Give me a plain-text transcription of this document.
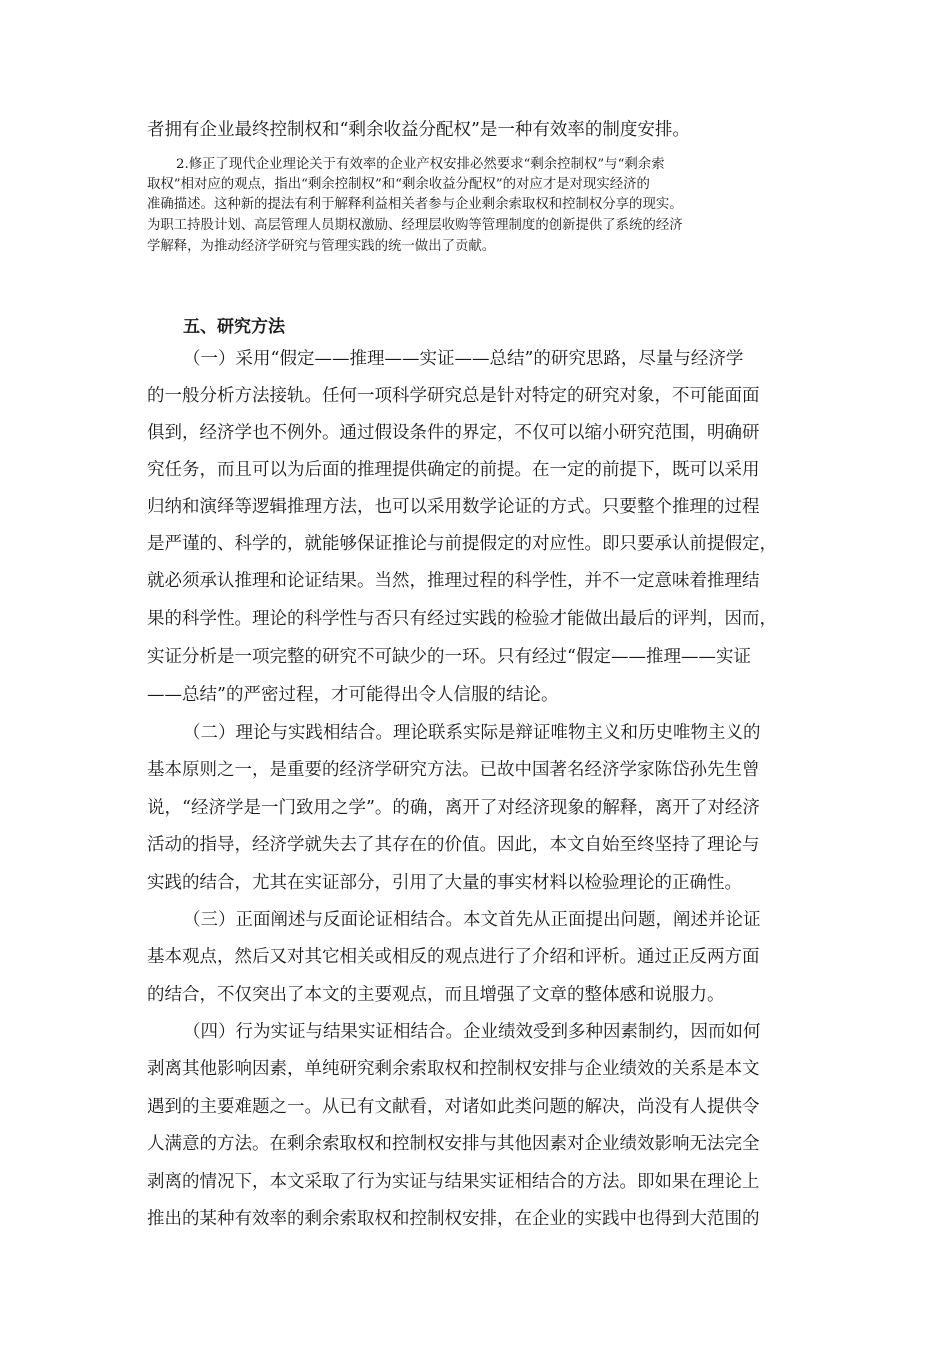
者拥有企业最终控制权和“剩余收益分配权”是一种有效率的制度安排。
2.修正了现代企业理论关于有效率的企业产权安排必然要求“剩余控制权”与“剩余索
取权”相对应的观点，指出“剩余控制权”和“剩余收益分配权”的对应才是对现实经济的
准确描述。这种新的提法有利于解释利益相关者参与企业剩余索取权和控制权分享的现实。
为职工持股计划、高层管理人员期权激励、经理层收购等管理制度的创新提供了系统的经济
学解释，为推动经济学研究与管理实践的统一做出了贡献。
五、研究方法
（一）采用“假定——推理——实证——总结”的研究思路，尽量与经济学
的一般分析方法接轨。任何一项科学研究总是针对特定的研究对象，不可能面面
俱到，经济学也不例外。通过假设条件的界定，不仅可以缩小研究范围，明确研
究任务，而且可以为后面的推理提供确定的前提。在一定的前提下，既可以采用
归纳和演绎等逻辑推理方法，也可以采用数学论证的方式。只要整个推理的过程
是严谨的、科学的，就能够保证推论与前提假定的对应性。即只要承认前提假定，
就必须承认推理和论证结果。当然，推理过程的科学性，并不一定意味着推理结
果的科学性。理论的科学性与否只有经过实践的检验才能做出最后的评判，因而，
实证分析是一项完整的研究不可缺少的一环。只有经过“假定——推理——实证
——总结”的严密过程，才可能得出令人信服的结论。
（二）理论与实践相结合。理论联系实际是辩证唯物主义和历史唯物主义的
基本原则之一，是重要的经济学研究方法。已故中国著名经济学家陈岱孙先生曾
说，“经济学是一门致用之学”。的确，离开了对经济现象的解释，离开了对经济
活动的指导，经济学就失去了其存在的价值。因此，本文自始至终坚持了理论与
实践的结合，尤其在实证部分，引用了大量的事实材料以检验理论的正确性。
（三）正面阐述与反面论证相结合。本文首先从正面提出问题，阐述并论证
基本观点，然后又对其它相关或相反的观点进行了介绍和评析。通过正反两方面
的结合，不仅突出了本文的主要观点，而且增强了文章的整体感和说服力。
（四）行为实证与结果实证相结合。企业绩效受到多种因素制约，因而如何
剥离其他影响因素，单纯研究剩余索取权和控制权安排与企业绩效的关系是本文
遇到的主要难题之一。从已有文献看，对诸如此类问题的解决，尚没有人提供令
人满意的方法。在剩余索取权和控制权安排与其他因素对企业绩效影响无法完全
剥离的情况下，本文采取了行为实证与结果实证相结合的方法。即如果在理论上
推出的某种有效率的剩余索取权和控制权安排，在企业的实践中也得到大范围的
